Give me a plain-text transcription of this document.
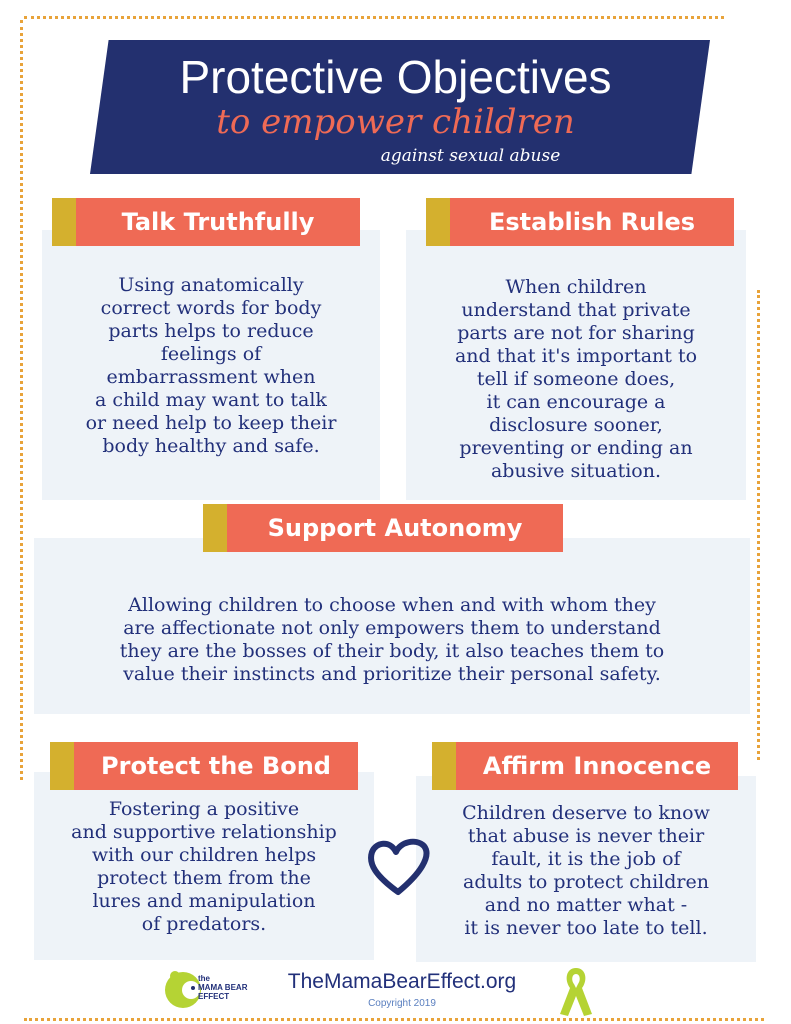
Protective Objectives
to empower children
against sexual abuse
Using anatomically
correct words for body
parts helps to reduce
feelings of
embarrassment when
a child may want to talk
or need help to keep their
body healthy and safe.
Talk Truthfully
When children
understand that private
parts are not for sharing
and that it's important to
tell if someone does,
it can encourage a
disclosure sooner,
preventing or ending an
abusive situation.
Establish Rules
Allowing children to choose when and with whom they
are affectionate not only empowers them to understand
they are the bosses of their body, it also teaches them to
value their instincts and prioritize their personal safety.
Support Autonomy
Fostering a positive
and supportive relationship
with our children helps
protect them from the
lures and manipulation
of predators.
Protect the Bond
Children deserve to know
that abuse is never their
fault, it is the job of
adults to protect children
and no matter what -
it is never too late to tell.
Affirm Innocence
the
MAMA BEAR
EFFECT
TheMamaBearEffect.org
Copyright 2019
